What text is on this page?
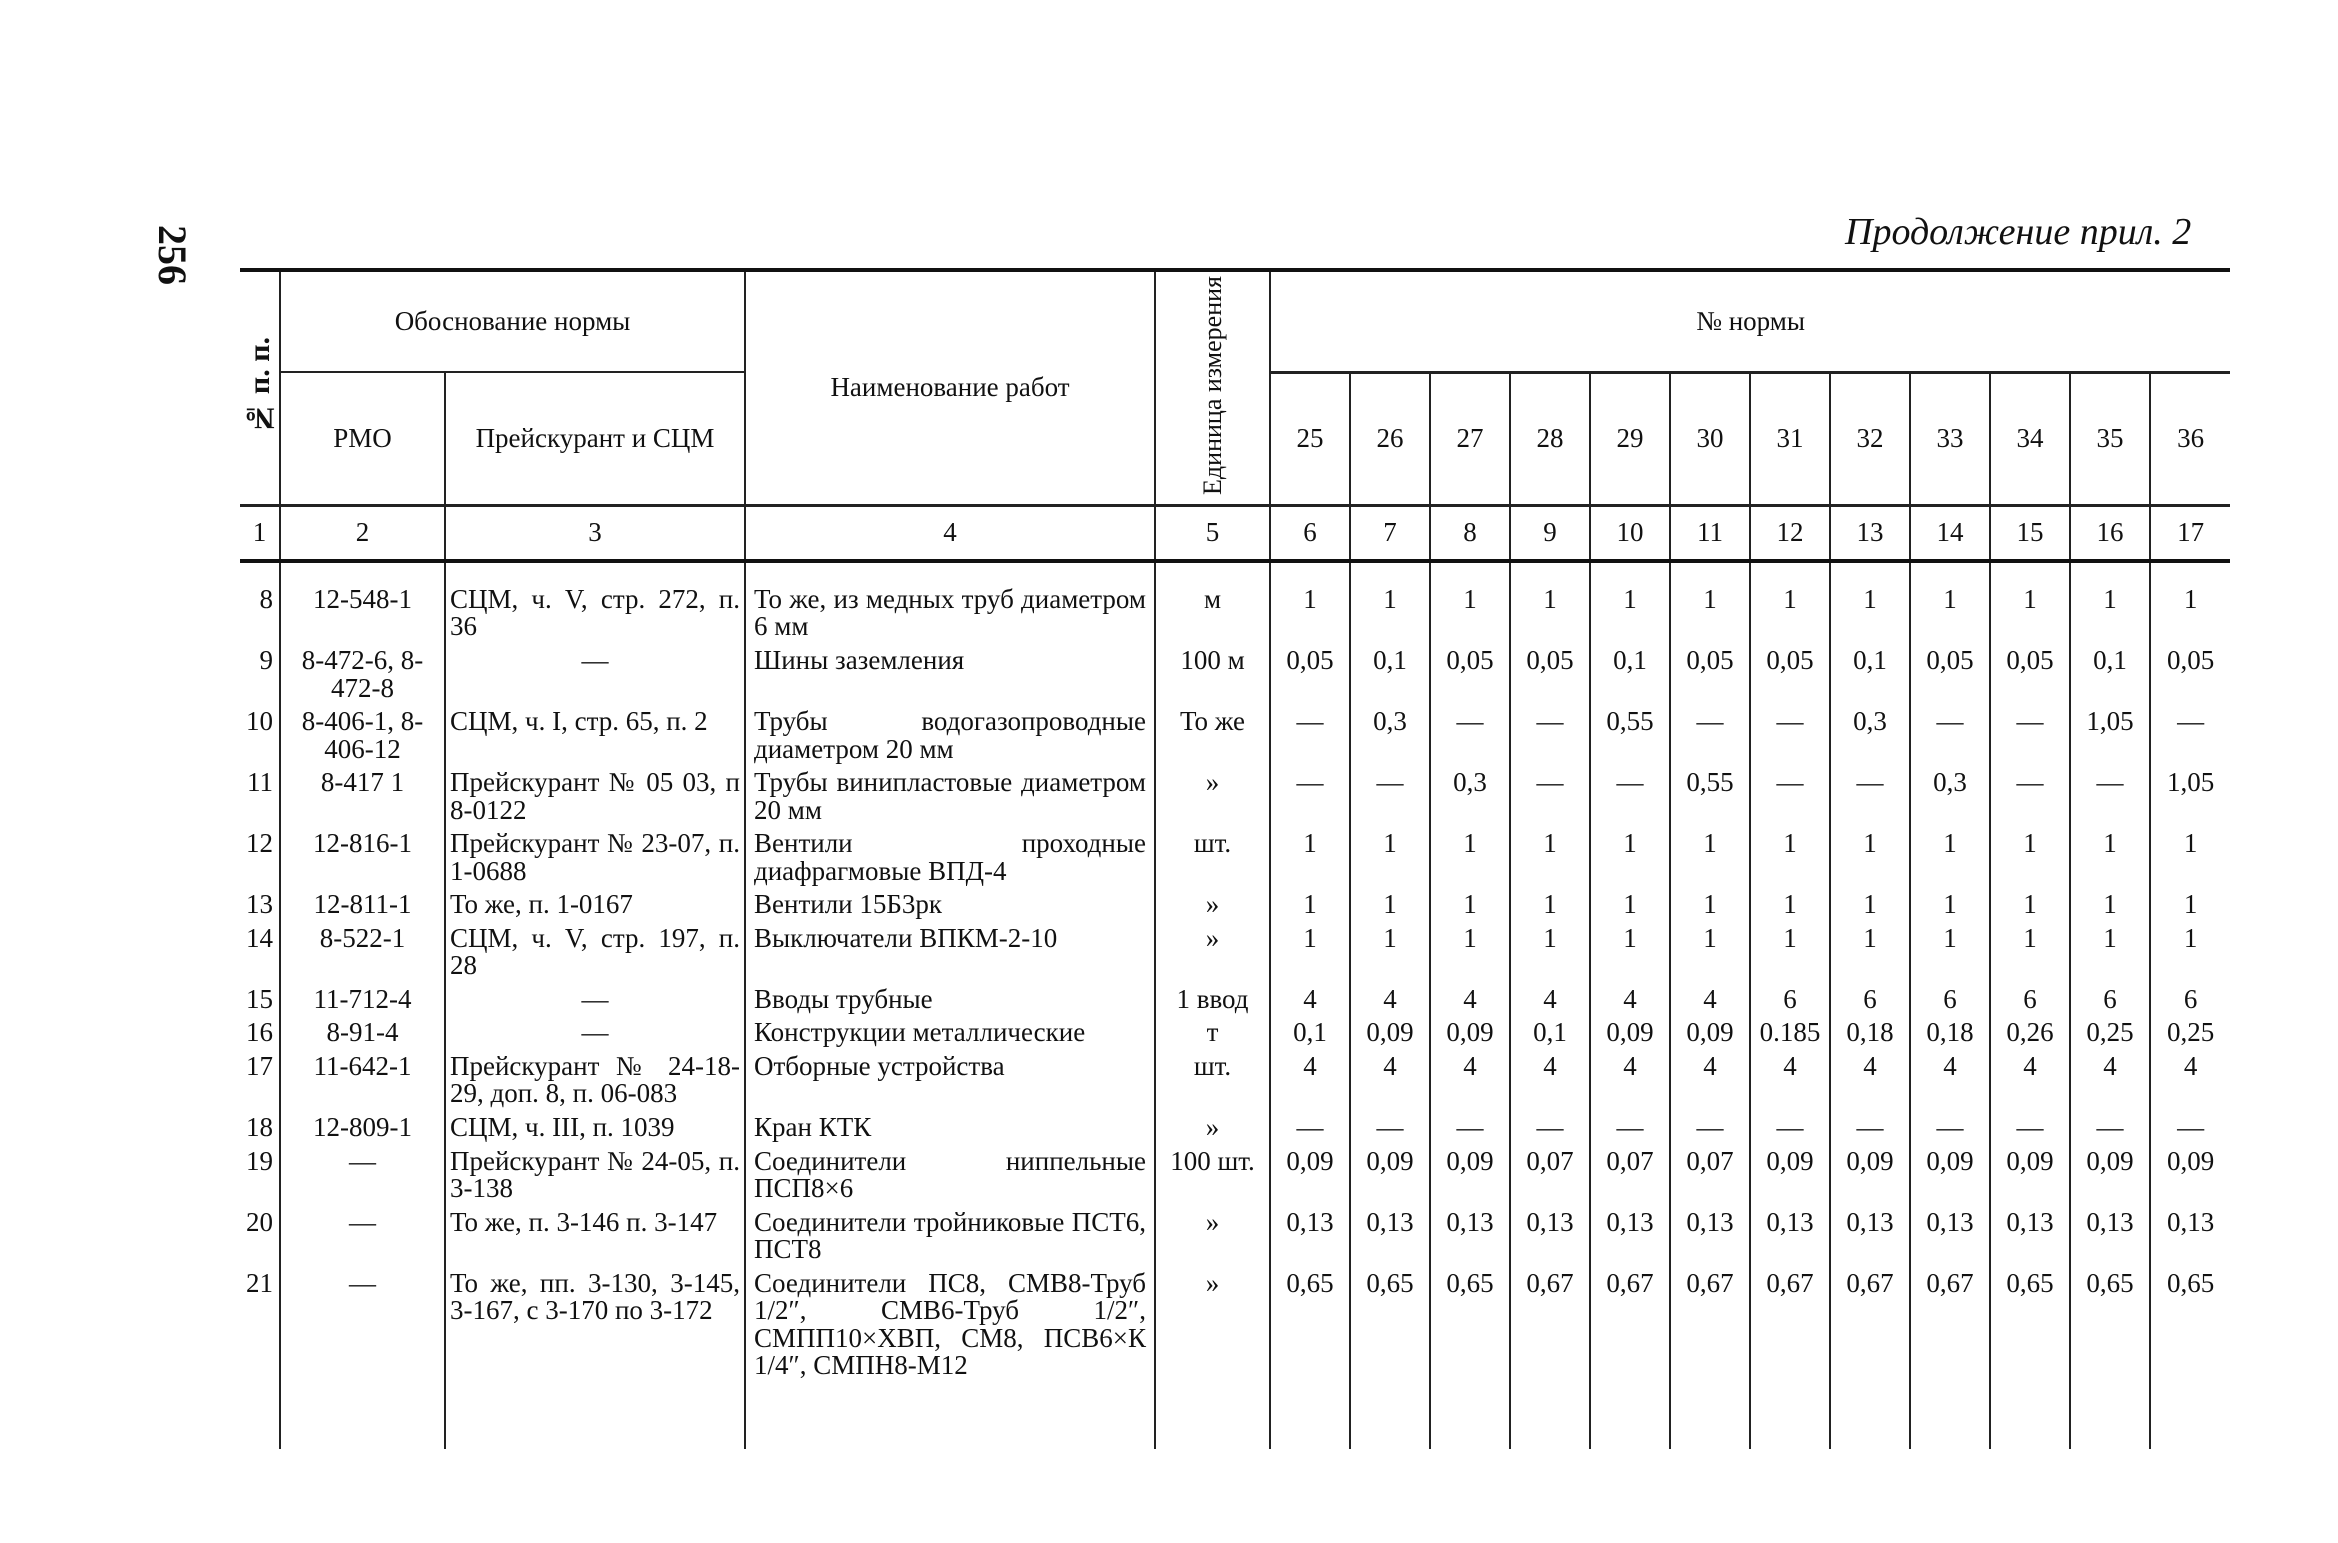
256	Продолжение прил. 2
№ п. п.	Обоснование нормы		Наименование работ	Единица измерения	№ нормы											
	РМО	Прейскурант и СЦМ			25	26	27	28	29	30	31	32	33	34	35	36
1	2	3	4	5	6	7	8	9	10	11	12	13	14	15	16	17

8	12-548-1	СЦМ, ч. V, стр. 272, п. 36	То же, из медных труб диаметром 6 мм	м	1	1	1	1	1	1	1	1	1	1	1	1
9	8-472-6, 8-472-8	—	Шины заземления	100 м	0,05	0,1	0,05	0,05	0,1	0,05	0,05	0,1	0,05	0,05	0,1	0,05
10	8-406-1, 8-406-12	СЦМ, ч. I, стр. 65, п. 2	Трубы водогазопроводные диаметром 20 мм	То же	—	0,3	—	—	0,55	—	—	0,3	—	—	1,05	—
11	8-417 1	Прейскурант № 05 03, п 8-0122	Трубы винипластовые диаметром 20 мм	»	—	—	0,3	—	—	0,55	—	—	0,3	—	—	1,05
12	12-816-1	Прейскурант № 23-07, п. 1-0688	Вентили проходные диафрагмовые ВПД-4	шт.	1	1	1	1	1	1	1	1	1	1	1	1
13	12-811-1	То же, п. 1-0167	Вентили 15Б3рк	»	1	1	1	1	1	1	1	1	1	1	1	1
14	8-522-1	СЦМ, ч. V, стр. 197, п. 28	Выключатели ВПКМ-2-10	»	1	1	1	1	1	1	1	1	1	1	1	1
15	11-712-4	—	Вводы трубные	1 ввод	4	4	4	4	4	4	6	6	6	6	6	6
16	8-91-4	—	Конструкции металлические	т	0,1	0,09	0,09	0,1	0,09	0,09	0.185	0,18	0,18	0,26	0,25	0,25
17	11-642-1	Прейскурант № 24-18-29, доп. 8, п. 06-083	Отборные устройства	шт.	4	4	4	4	4	4	4	4	4	4	4	4
18	12-809-1	СЦМ, ч. III, п. 1039	Кран КТК	»	—	—	—	—	—	—	—	—	—	—	—	—
19	—	Прейскурант № 24-05, п. 3-138	Соединители ниппельные ПСП8×6	100 шт.	0,09	0,09	0,09	0,07	0,07	0,07	0,09	0,09	0,09	0,09	0,09	0,09
20	—	То же, п. 3-146 п. 3-147	Соединители тройниковые ПСТ6, ПСТ8	»	0,13	0,13	0,13	0,13	0,13	0,13	0,13	0,13	0,13	0,13	0,13	0,13
21	—	То же, пп. 3-130, 3-145, 3-167, с 3-170 по 3-172	Соединители ПС8, СМВ8-Труб 1/2″, СМВ6-Труб 1/2″, СМПП10×ХВП, СМ8, ПСВ6×К 1/4″, СМПН8-М12	»	0,65	0,65	0,65	0,67	0,67	0,67	0,67	0,67	0,67	0,65	0,65	0,65
